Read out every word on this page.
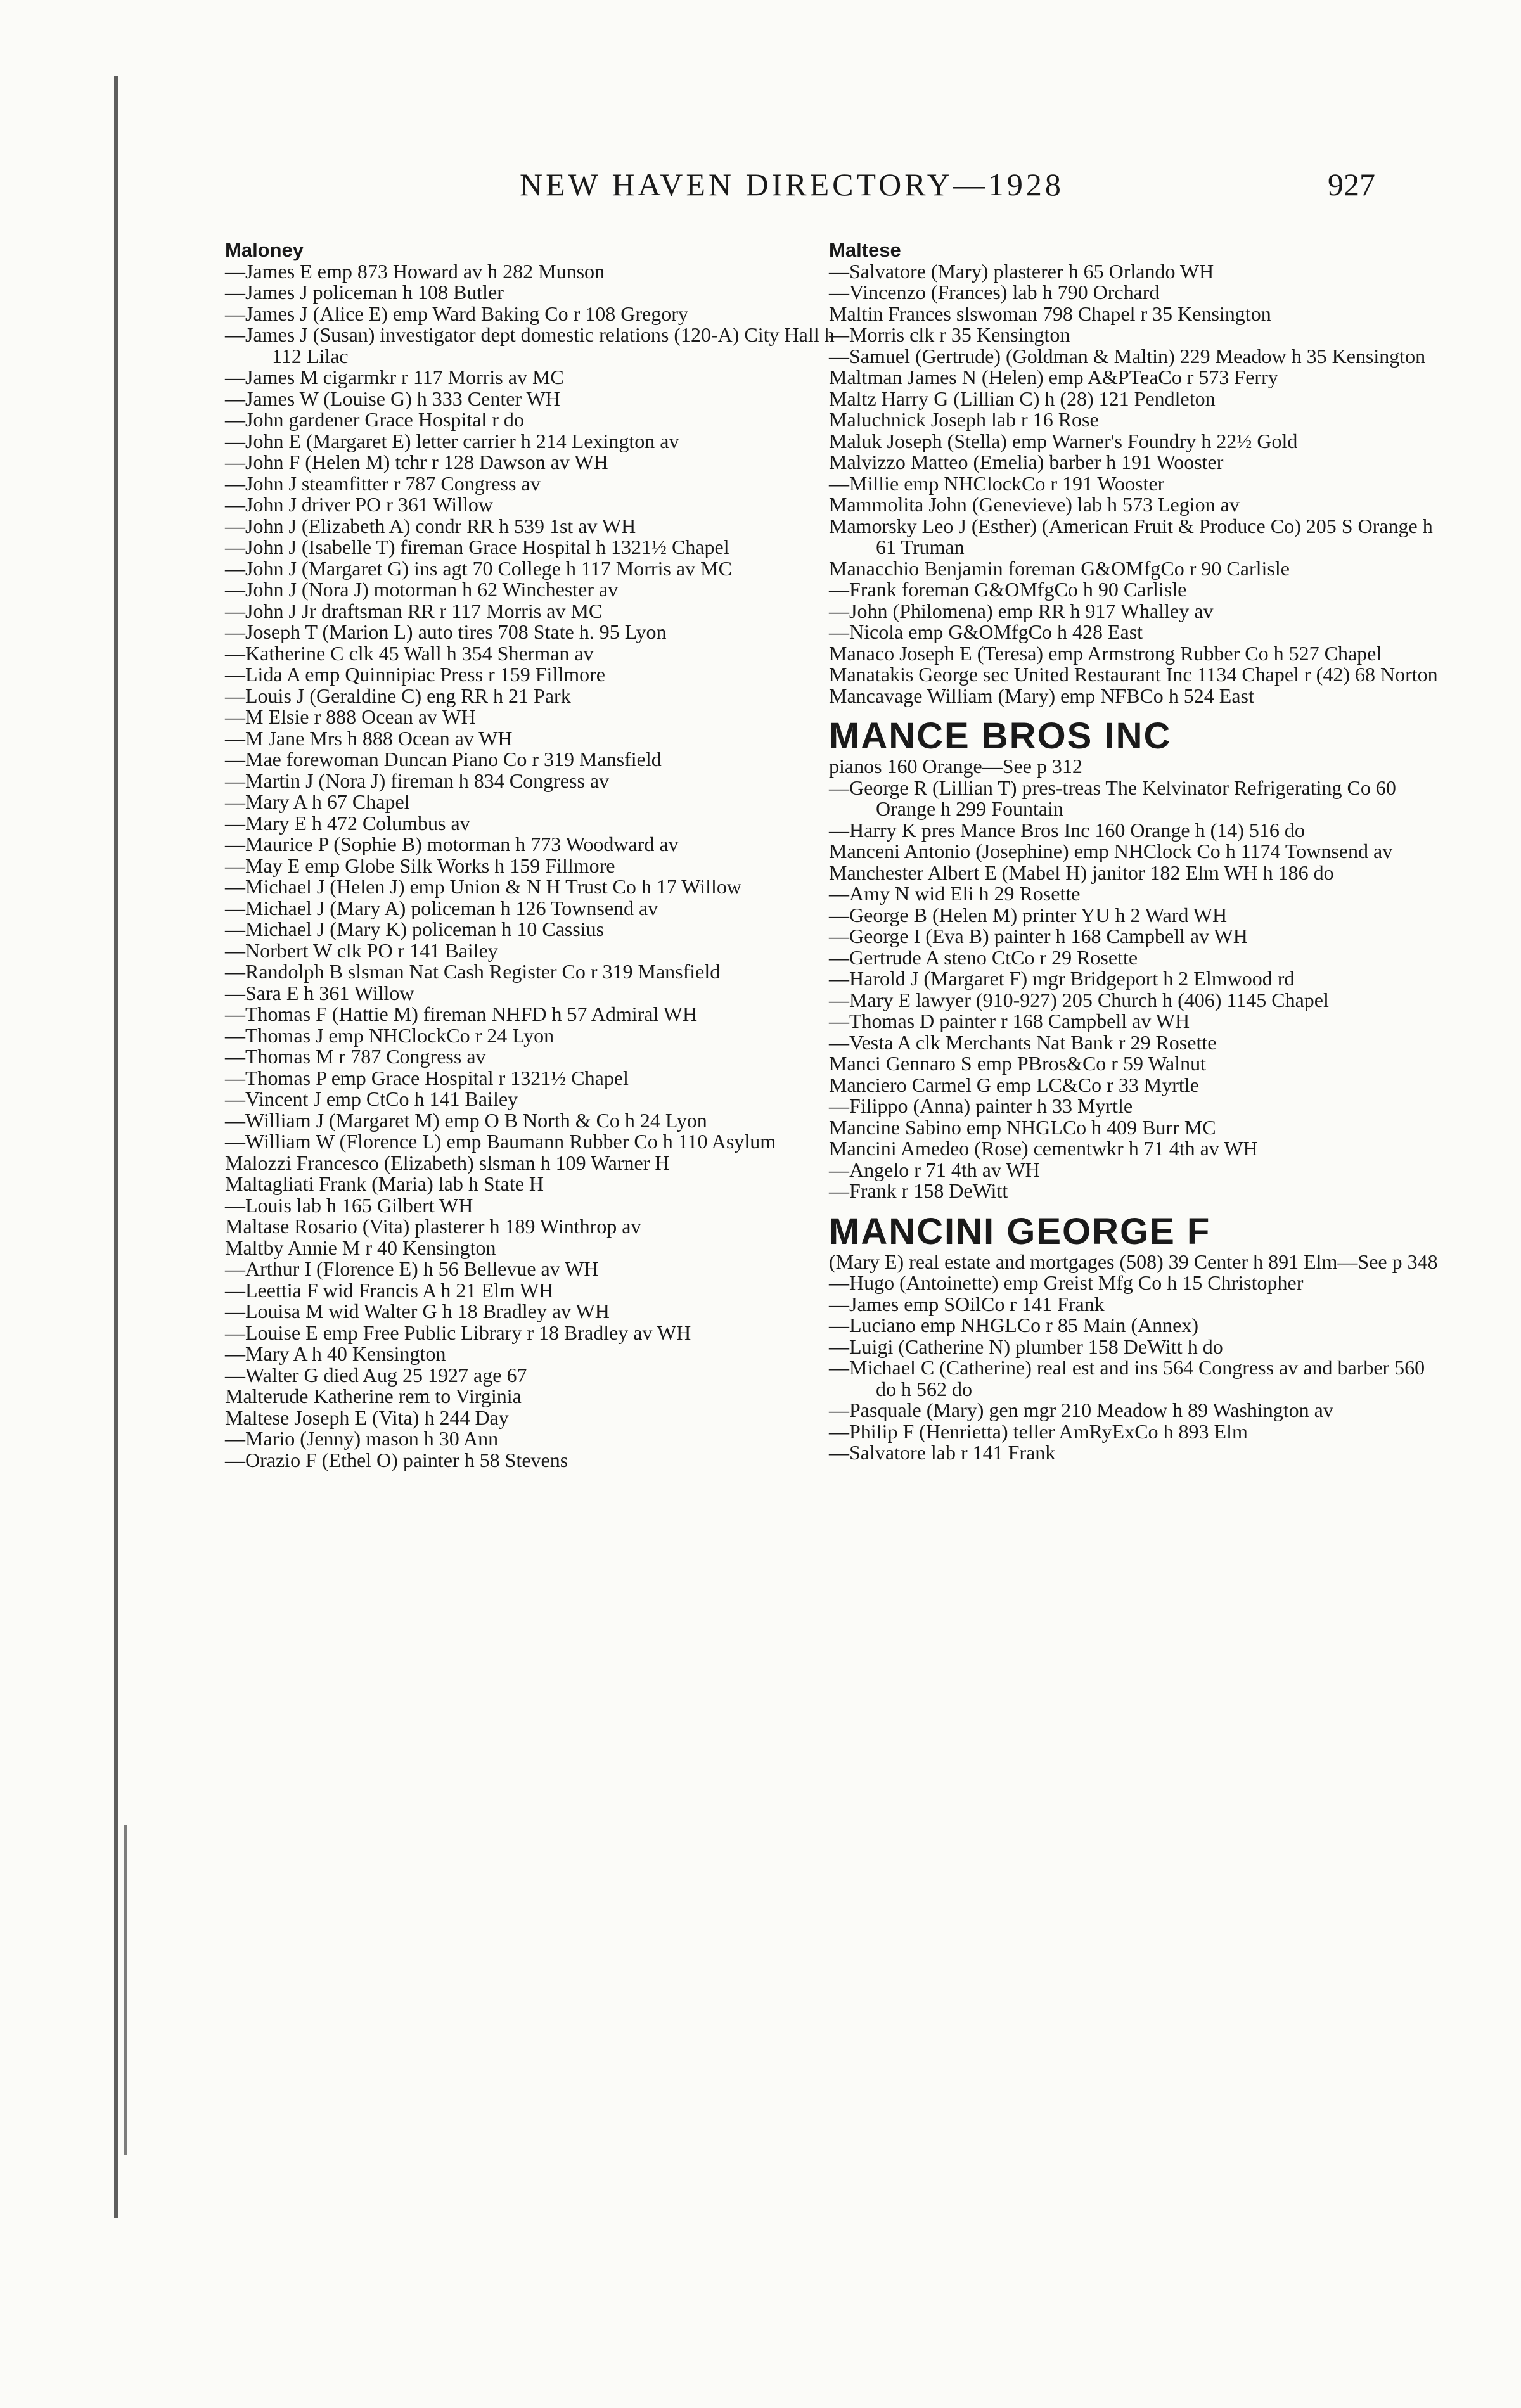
NEW HAVEN DIRECTORY—1928	927
Maloney
—James E emp 873 Howard av h 282 Munson
—James J policeman h 108 Butler
—James J (Alice E) emp Ward Baking Co r 108 Gregory
—James J (Susan) investigator dept domestic relations (120-A) City Hall h 112 Lilac
—James M cigarmkr r 117 Morris av MC
—James W (Louise G) h 333 Center WH
—John gardener Grace Hospital r do
—John E (Margaret E) letter carrier h 214 Lexington av
—John F (Helen M) tchr r 128 Dawson av WH
—John J steamfitter r 787 Congress av
—John J driver PO r 361 Willow
—John J (Elizabeth A) condr RR h 539 1st av WH
—John J (Isabelle T) fireman Grace Hospital h 1321½ Chapel
—John J (Margaret G) ins agt 70 College h 117 Morris av MC
—John J (Nora J) motorman h 62 Winchester av
—John J Jr draftsman RR r 117 Morris av MC
—Joseph T (Marion L) auto tires 708 State h. 95 Lyon
—Katherine C clk 45 Wall h 354 Sherman av
—Lida A emp Quinnipiac Press r 159 Fillmore
—Louis J (Geraldine C) eng RR h 21 Park
—M Elsie r 888 Ocean av WH
—M Jane Mrs h 888 Ocean av WH
—Mae forewoman Duncan Piano Co r 319 Mansfield
—Martin J (Nora J) fireman h 834 Congress av
—Mary A h 67 Chapel
—Mary E h 472 Columbus av
—Maurice P (Sophie B) motorman h 773 Woodward av
—May E emp Globe Silk Works h 159 Fillmore
—Michael J (Helen J) emp Union & N H Trust Co h 17 Willow
—Michael J (Mary A) policeman h 126 Townsend av
—Michael J (Mary K) policeman h 10 Cassius
—Norbert W clk PO r 141 Bailey
—Randolph B slsman Nat Cash Register Co r 319 Mansfield
—Sara E h 361 Willow
—Thomas F (Hattie M) fireman NHFD h 57 Admiral WH
—Thomas J emp NHClockCo r 24 Lyon
—Thomas M r 787 Congress av
—Thomas P emp Grace Hospital r 1321½ Chapel
—Vincent J emp CtCo h 141 Bailey
—William J (Margaret M) emp O B North & Co h 24 Lyon
—William W (Florence L) emp Baumann Rubber Co h 110 Asylum
Malozzi Francesco (Elizabeth) slsman h 109 Warner H
Maltagliati Frank (Maria) lab h State H
—Louis lab h 165 Gilbert WH
Maltase Rosario (Vita) plasterer h 189 Winthrop av
Maltby Annie M r 40 Kensington
—Arthur I (Florence E) h 56 Bellevue av WH
—Leettia F wid Francis A h 21 Elm WH
—Louisa M wid Walter G h 18 Bradley av WH
—Louise E emp Free Public Library r 18 Bradley av WH
—Mary A h 40 Kensington
—Walter G died Aug 25 1927 age 67
Malterude Katherine rem to Virginia
Maltese Joseph E (Vita) h 244 Day
—Mario (Jenny) mason h 30 Ann
—Orazio F (Ethel O) painter h 58 Stevens
Maltese
—Salvatore (Mary) plasterer h 65 Orlando WH
—Vincenzo (Frances) lab h 790 Orchard
Maltin Frances slswoman 798 Chapel r 35 Kensington
—Morris clk r 35 Kensington
—Samuel (Gertrude) (Goldman & Maltin) 229 Meadow h 35 Kensington
Maltman James N (Helen) emp A&PTeaCo r 573 Ferry
Maltz Harry G (Lillian C) h (28) 121 Pendleton
Maluchnick Joseph lab r 16 Rose
Maluk Joseph (Stella) emp Warner's Foundry h 22½ Gold
Malvizzo Matteo (Emelia) barber h 191 Wooster
—Millie emp NHClockCo r 191 Wooster
Mammolita John (Genevieve) lab h 573 Legion av
Mamorsky Leo J (Esther) (American Fruit & Produce Co) 205 S Orange h 61 Truman
Manacchio Benjamin foreman G&OMfgCo r 90 Carlisle
—Frank foreman G&OMfgCo h 90 Carlisle
—John (Philomena) emp RR h 917 Whalley av
—Nicola emp G&OMfgCo h 428 East
Manaco Joseph E (Teresa) emp Armstrong Rubber Co h 527 Chapel
Manatakis George sec United Restaurant Inc 1134 Chapel r (42) 68 Norton
Mancavage William (Mary) emp NFBCo h 524 East
MANCE BROS INC
pianos 160 Orange—See p 312
—George R (Lillian T) pres-treas The Kelvinator Refrigerating Co 60 Orange h 299 Fountain
—Harry K pres Mance Bros Inc 160 Orange h (14) 516 do
Manceni Antonio (Josephine) emp NHClock Co h 1174 Townsend av
Manchester Albert E (Mabel H) janitor 182 Elm WH h 186 do
—Amy N wid Eli h 29 Rosette
—George B (Helen M) printer YU h 2 Ward WH
—George I (Eva B) painter h 168 Campbell av WH
—Gertrude A steno CtCo r 29 Rosette
—Harold J (Margaret F) mgr Bridgeport h 2 Elmwood rd
—Mary E lawyer (910-927) 205 Church h (406) 1145 Chapel
—Thomas D painter r 168 Campbell av WH
—Vesta A clk Merchants Nat Bank r 29 Rosette
Manci Gennaro S emp PBros&Co r 59 Walnut
Manciero Carmel G emp LC&Co r 33 Myrtle
—Filippo (Anna) painter h 33 Myrtle
Mancine Sabino emp NHGLCo h 409 Burr MC
Mancini Amedeo (Rose) cementwkr h 71 4th av WH
—Angelo r 71 4th av WH
—Frank r 158 DeWitt
MANCINI GEORGE F
(Mary E) real estate and mortgages (508) 39 Center h 891 Elm—See p 348
—Hugo (Antoinette) emp Greist Mfg Co h 15 Christopher
—James emp SOilCo r 141 Frank
—Luciano emp NHGLCo r 85 Main (Annex)
—Luigi (Catherine N) plumber 158 DeWitt h do
—Michael C (Catherine) real est and ins 564 Congress av and barber 560 do h 562 do
—Pasquale (Mary) gen mgr 210 Meadow h 89 Washington av
—Philip F (Henrietta) teller AmRyExCo h 893 Elm
—Salvatore lab r 141 Frank
